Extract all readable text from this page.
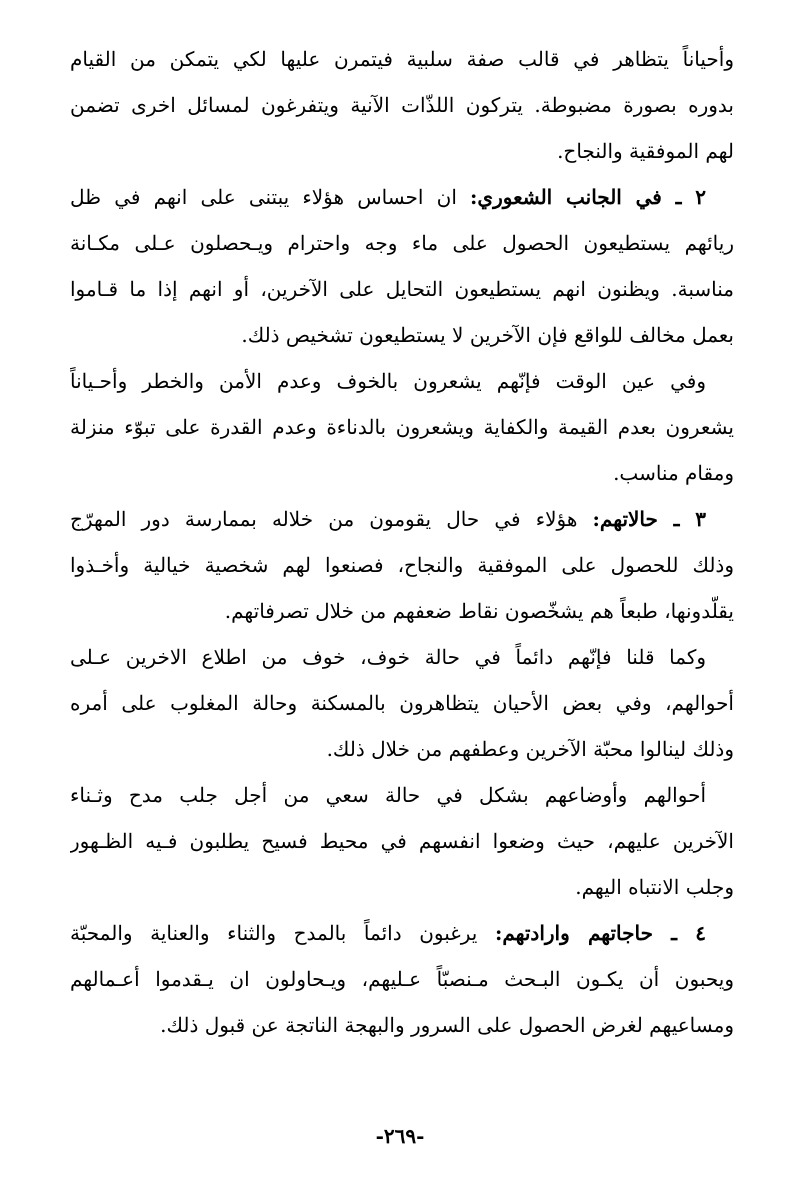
وأحياناً يتظاهر في قالب صفة سلبية فيتمرن عليها لكي يتمكن من القيام
بدوره بصورة مضبوطة. يتركون اللذّات الآنية ويتفرغون لمسائل اخرى تضمن
لهم الموفقية والنجاح.
٢ ـ في الجانب الشعوري: ان احساس هؤلاء يبتنى على انهم في ظل
ريائهم يستطيعون الحصول على ماء وجه واحترام ويـحصلون عـلى مكـانة
مناسبة. ويظنون انهم يستطيعون التحايل على الآخرين، أو انهم إذا ما قـاموا
بعمل مخالف للواقع فإن الآخرين لا يستطيعون تشخيص ذلك.
وفي عين الوقت فإنّهم يشعرون بالخوف وعدم الأمن والخطر وأحـياناً
يشعرون بعدم القيمة والكفاية ويشعرون بالدناءة وعدم القدرة على تبوّء منزلة
ومقام مناسب.
٣ ـ حالاتهم: هؤلاء في حال يقومون من خلاله بممارسة دور المهرّج
وذلك للحصول على الموفقية والنجاح، فصنعوا لهم شخصية خيالية وأخـذوا
يقلّدونها، طبعاً هم يشخّصون نقاط ضعفهم من خلال تصرفاتهم.
وكما قلنا فإنّهم دائماً في حالة خوف، خوف من اطلاع الاخرين عـلى
أحوالهم، وفي بعض الأحيان يتظاهرون بالمسكنة وحالة المغلوب على أمره
وذلك لينالوا محبّة الآخرين وعطفهم من خلال ذلك.
أحوالهم وأوضاعهم بشكل في حالة سعي من أجل جلب مدح وثـناء
الآخرين عليهم، حيث وضعوا انفسهم في محيط فسيح يطلبون فـيه الظـهور
وجلب الانتباه اليهم.
٤ ـ حاجاتهم وارادتهم: يرغبون دائماً بالمدح والثناء والعناية والمحبّة
ويحبون أن يكـون البـحث مـنصبّاً عـليهم، ويـحاولون ان يـقدموا أعـمالهم
ومساعيهم لغرض الحصول على السرور والبهجة الناتجة عن قبول ذلك.
-٢٦٩-
